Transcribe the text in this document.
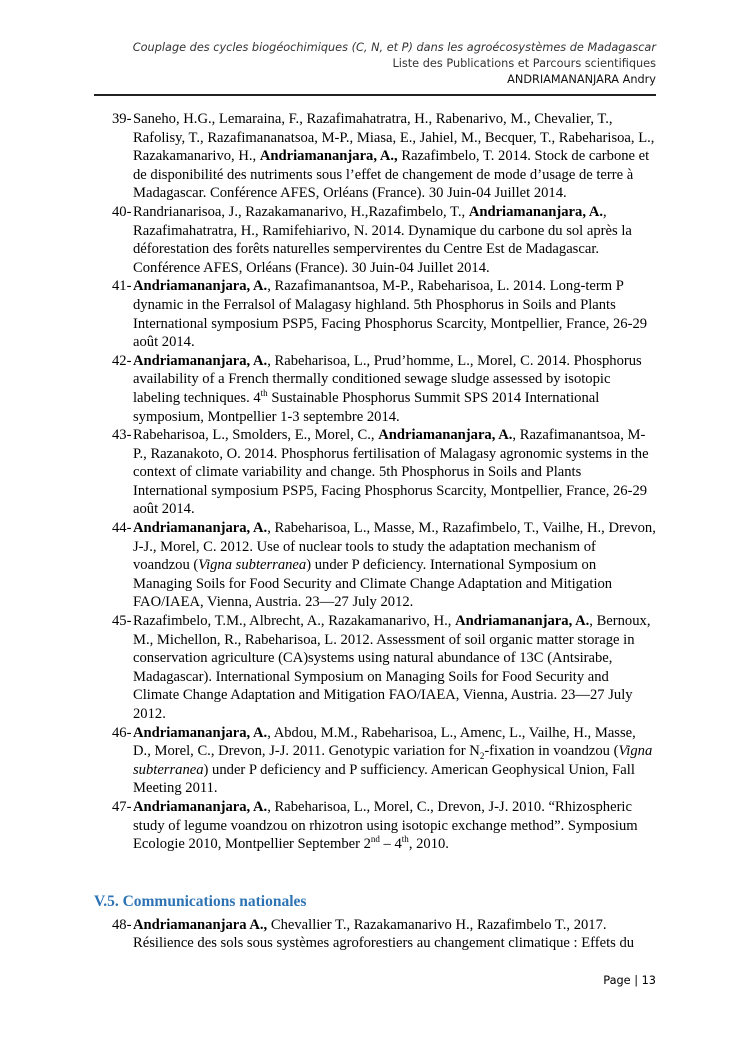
Couplage des cycles biogéochimiques (C, N, et P) dans les agroécosystèmes de Madagascar
Liste des Publications et Parcours scientifiques
ANDRIAMANANJARA Andry
39- Saneho, H.G., Lemaraina, F., Razafimahatratra, H., Rabenarivo, M., Chevalier, T., Rafolisy, T., Razafimananatsoa, M-P., Miasa, E., Jahiel, M., Becquer, T., Rabeharisoa, L., Razakamanarivo, H., Andriamananjara, A., Razafimbelo, T. 2014. Stock de carbone et de disponibilité des nutriments sous l’effet de changement de mode d’usage de terre à Madagascar. Conférence AFES, Orléans (France). 30 Juin-04 Juillet 2014.
40- Randrianarisoa, J., Razakamanarivo, H.,Razafimbelo, T., Andriamananjara, A., Razafimahatratra, H., Ramifehiarivo, N. 2014. Dynamique du carbone du sol après la déforestation des forêts naturelles sempervirentes du Centre Est de Madagascar. Conférence AFES, Orléans (France). 30 Juin-04 Juillet 2014.
41- Andriamananjara, A., Razafimanantsoa, M-P., Rabeharisoa, L. 2014. Long-term P dynamic in the Ferralsol of Malagasy highland. 5th Phosphorus in Soils and Plants International symposium PSP5, Facing Phosphorus Scarcity, Montpellier, France, 26-29 août 2014.
42- Andriamananjara, A., Rabeharisoa, L., Prud’homme, L., Morel, C. 2014. Phosphorus availability of a French thermally conditioned sewage sludge assessed by isotopic labeling techniques. 4th Sustainable Phosphorus Summit SPS 2014 International symposium, Montpellier 1-3 septembre 2014.
43- Rabeharisoa, L., Smolders, E., Morel, C., Andriamananjara, A., Razafimanantsoa, M-P., Razanakoto, O. 2014. Phosphorus fertilisation of Malagasy agronomic systems in the context of climate variability and change. 5th Phosphorus in Soils and Plants International symposium PSP5, Facing Phosphorus Scarcity, Montpellier, France, 26-29 août 2014.
44- Andriamananjara, A., Rabeharisoa, L., Masse, M., Razafimbelo, T., Vailhe, H., Drevon, J-J., Morel, C. 2012. Use of nuclear tools to study the adaptation mechanism of voandzou (Vigna subterranea) under P deficiency. International Symposium on Managing Soils for Food Security and Climate Change Adaptation and Mitigation FAO/IAEA, Vienna, Austria. 23—27 July 2012.
45- Razafimbelo, T.M., Albrecht, A., Razakamanarivo, H., Andriamananjara, A., Bernoux, M., Michellon, R., Rabeharisoa, L. 2012. Assessment of soil organic matter storage in conservation agriculture (CA)systems using natural abundance of 13C (Antsirabe, Madagascar). International Symposium on Managing Soils for Food Security and Climate Change Adaptation and Mitigation FAO/IAEA, Vienna, Austria. 23—27 July 2012.
46- Andriamananjara, A., Abdou, M.M., Rabeharisoa, L., Amenc, L., Vailhe, H., Masse, D., Morel, C., Drevon, J-J. 2011. Genotypic variation for $N_2$-fixation in voandzou (Vigna subterranea) under P deficiency and P sufficiency. American Geophysical Union, Fall Meeting 2011.
47- Andriamananjara, A., Rabeharisoa, L., Morel, C., Drevon, J-J. 2010. “Rhizospheric study of legume voandzou on rhizotron using isotopic exchange method”. Symposium Ecologie 2010, Montpellier September 2nd – 4th, 2010.
V.5. Communications nationales
48- Andriamananjara A., Chevallier T., Razakamanarivo H., Razafimbelo T., 2017. Résilience des sols sous systèmes agroforestiers au changement climatique : Effets du
Page | 13
